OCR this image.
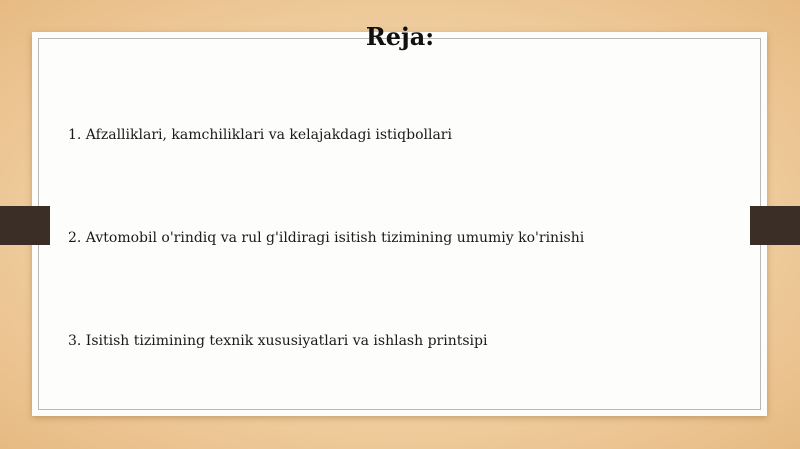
Reja:
1. Afzalliklari, kamchiliklari va kelajakdagi istiqbollari
2. Avtomobil o'rindiq va rul g'ildiragi isitish tizimining umumiy ko'rinishi
3. Isitish tizimining texnik xususiyatlari va ishlash printsipi
